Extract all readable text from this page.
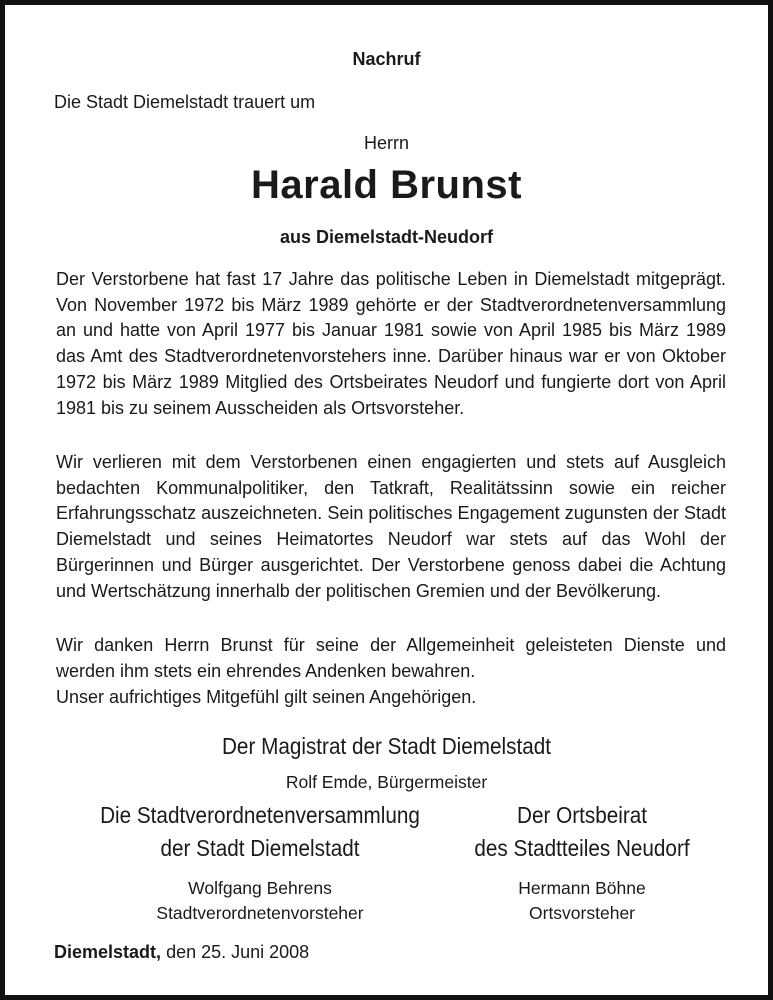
Nachruf
Die Stadt Diemelstadt trauert um
Herrn
Harald Brunst
aus Diemelstadt-Neudorf
Der Verstorbene hat fast 17 Jahre das politische Leben in Diemelstadt mitgeprägt. Von November 1972 bis März 1989 gehörte er der Stadtverordnetenversammlung an und hatte von April 1977 bis Januar 1981 sowie von April 1985 bis März 1989 das Amt des Stadtverordnetenvorstehers inne. Darüber hinaus war er von Oktober 1972 bis März 1989 Mitglied des Ortsbeirates Neudorf und fungierte dort von April 1981 bis zu seinem Ausscheiden als Ortsvorsteher.
Wir verlieren mit dem Verstorbenen einen engagierten und stets auf Ausgleich bedachten Kommunalpolitiker, den Tatkraft, Realitätssinn sowie ein reicher Erfahrungsschatz auszeichneten. Sein politisches Engagement zugunsten der Stadt Diemelstadt und seines Heimatortes Neudorf war stets auf das Wohl der Bürgerinnen und Bürger ausgerichtet. Der Verstorbene genoss dabei die Achtung und Wertschätzung innerhalb der politischen Gremien und der Bevölkerung.
Wir danken Herrn Brunst für seine der Allgemeinheit geleisteten Dienste und werden ihm stets ein ehrendes Andenken bewahren.
Unser aufrichtiges Mitgefühl gilt seinen Angehörigen.
Der Magistrat der Stadt Diemelstadt
Rolf Emde, Bürgermeister
Die Stadtverordnetenversammlung
der Stadt Diemelstadt
Wolfgang Behrens
Stadtverordnetenvorsteher
Der Ortsbeirat
des Stadtteiles Neudorf
Hermann Böhne
Ortsvorsteher
Diemelstadt, den 25. Juni 2008
